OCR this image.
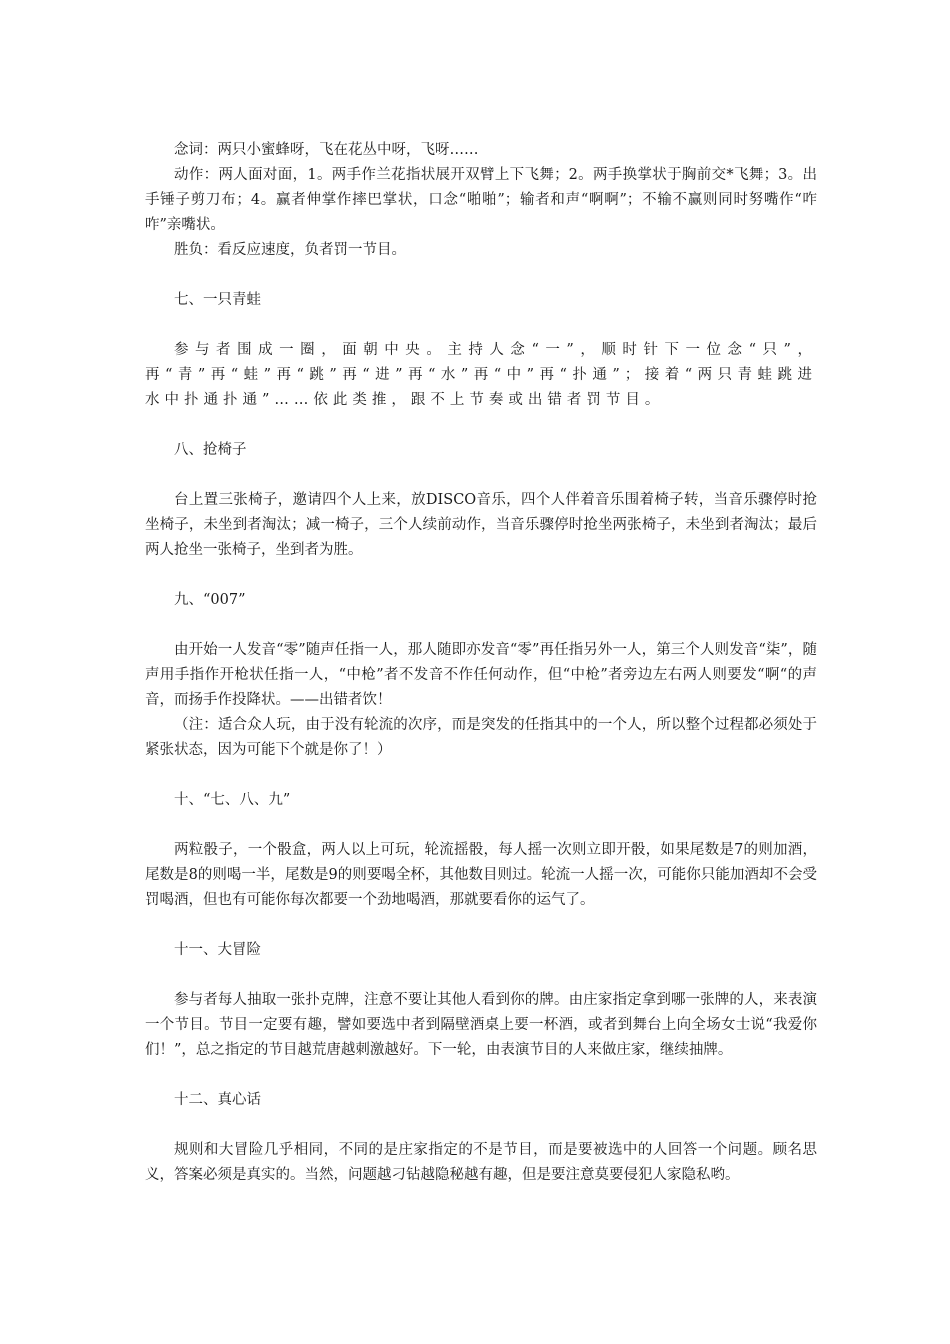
念词：两只小蜜蜂呀，飞在花丛中呀，飞呀……

动作：两人面对面，1。两手作兰花指状展开双臂上下飞舞；2。两手换掌状于胸前交*飞舞；3。出手锤子剪刀布；4。赢者伸掌作摔巴掌状，口念“啪啪”；输者和声“啊啊”；不输不赢则同时努嘴作“咋咋”亲嘴状。

胜负：看反应速度，负者罚一节目。

七、一只青蛙

参与者围成一圈，面朝中央。主持人念“一”，顺时针下一位念“只”，再“青”再“蛙”再“跳”再“进”再“水”再“中”再“扑通”；接着“两只青蛙跳进水中扑通扑通”……依此类推，跟不上节奏或出错者罚节目。

八、抢椅子

台上置三张椅子，邀请四个人上来，放DISCO音乐，四个人伴着音乐围着椅子转，当音乐骤停时抢坐椅子，未坐到者淘汰；减一椅子，三个人续前动作，当音乐骤停时抢坐两张椅子，未坐到者淘汰；最后两人抢坐一张椅子，坐到者为胜。

九、“007”

由开始一人发音“零”随声任指一人，那人随即亦发音“零”再任指另外一人，第三个人则发音“柒”，随声用手指作开枪状任指一人，“中枪”者不发音不作任何动作，但“中枪”者旁边左右两人则要发“啊“的声音，而扬手作投降状。——出错者饮！

（注：适合众人玩，由于没有轮流的次序，而是突发的任指其中的一个人，所以整个过程都必须处于紧张状态，因为可能下个就是你了！）

十、“七、八、九”

两粒骰子，一个骰盒，两人以上可玩，轮流摇骰，每人摇一次则立即开骰，如果尾数是7的则加酒，尾数是8的则喝一半，尾数是9的则要喝全杯，其他数目则过。轮流一人摇一次，可能你只能加酒却不会受罚喝酒，但也有可能你每次都要一个劲地喝酒，那就要看你的运气了。

十一、大冒险

参与者每人抽取一张扑克牌，注意不要让其他人看到你的牌。由庄家指定拿到哪一张牌的人，来表演一个节目。节目一定要有趣，譬如要选中者到隔壁酒桌上要一杯酒，或者到舞台上向全场女士说“我爱你们！”，总之指定的节目越荒唐越刺激越好。下一轮，由表演节目的人来做庄家，继续抽牌。

十二、真心话

规则和大冒险几乎相同，不同的是庄家指定的不是节目，而是要被选中的人回答一个问题。顾名思义，答案必须是真实的。当然，问题越刁钻越隐秘越有趣，但是要注意莫要侵犯人家隐私哟。
